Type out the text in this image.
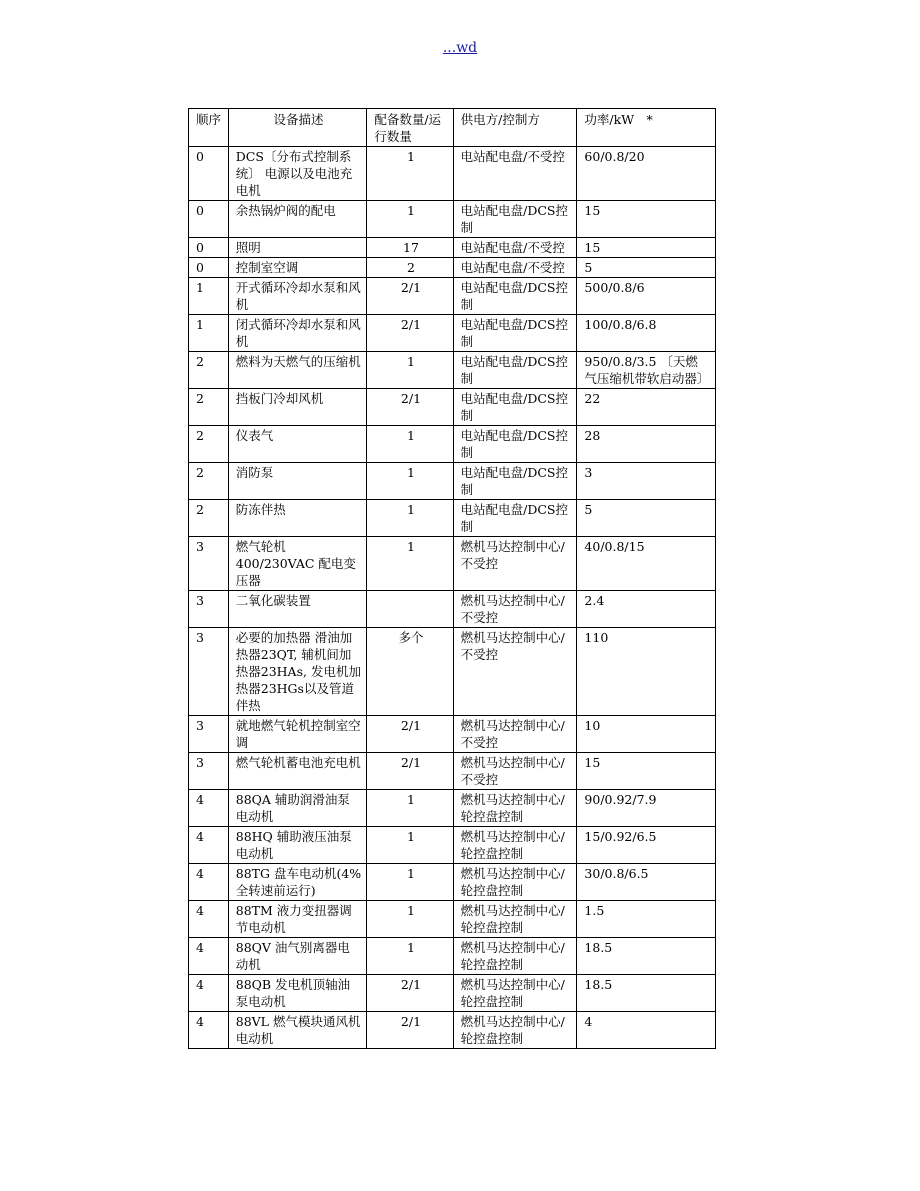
...wd
顺序	设备描述	配备数量/运行数量	供电方/控制方	功率/kW　*
0	DCS〔分布式控制系统〕 电源以及电池充电机	1	电站配电盘/不受控	60/0.8/20
0	余热锅炉阀的配电	1	电站配电盘/DCS控制	15
0	照明	17	电站配电盘/不受控	15
0	控制室空调	2	电站配电盘/不受控	5
1	开式循环冷却水泵和风机	2/1	电站配电盘/DCS控制	500/0.8/6
1	闭式循环冷却水泵和风机	2/1	电站配电盘/DCS控制	100/0.8/6.8
2	燃料为天燃气的压缩机	1	电站配电盘/DCS控制	950/0.8/3.5 〔天燃气压缩机带软启动器〕
2	挡板门冷却风机	2/1	电站配电盘/DCS控制	22
2	仪表气	1	电站配电盘/DCS控制	28
2	消防泵	1	电站配电盘/DCS控制	3
2	防冻伴热	1	电站配电盘/DCS控制	5
3	燃气轮机400/230VAC 配电变压器	1	燃机马达控制中心/不受控	40/0.8/15
3	二氧化碳装置		燃机马达控制中心/不受控	2.4
3	必要的加热器 滑油加热器23QT, 辅机间加热器23HAs, 发电机加热器23HGs以及管道伴热	多个	燃机马达控制中心/不受控	110
3	就地燃气轮机控制室空调	2/1	燃机马达控制中心/不受控	10
3	燃气轮机蓄电池充电机	2/1	燃机马达控制中心/不受控	15
4	88QA 辅助润滑油泵电动机	1	燃机马达控制中心/轮控盘控制	90/0.92/7.9
4	88HQ 辅助液压油泵电动机	1	燃机马达控制中心/轮控盘控制	15/0.92/6.5
4	88TG 盘车电动机(4% 全转速前运行)	1	燃机马达控制中心/轮控盘控制	30/0.8/6.5
4	88TM 液力变扭器调节电动机	1	燃机马达控制中心/轮控盘控制	1.5
4	88QV 油气别离器电动机	1	燃机马达控制中心/轮控盘控制	18.5
4	88QB 发电机顶轴油泵电动机	2/1	燃机马达控制中心/轮控盘控制	18.5
4	88VL 燃气模块通风机电动机	2/1	燃机马达控制中心/轮控盘控制	4
